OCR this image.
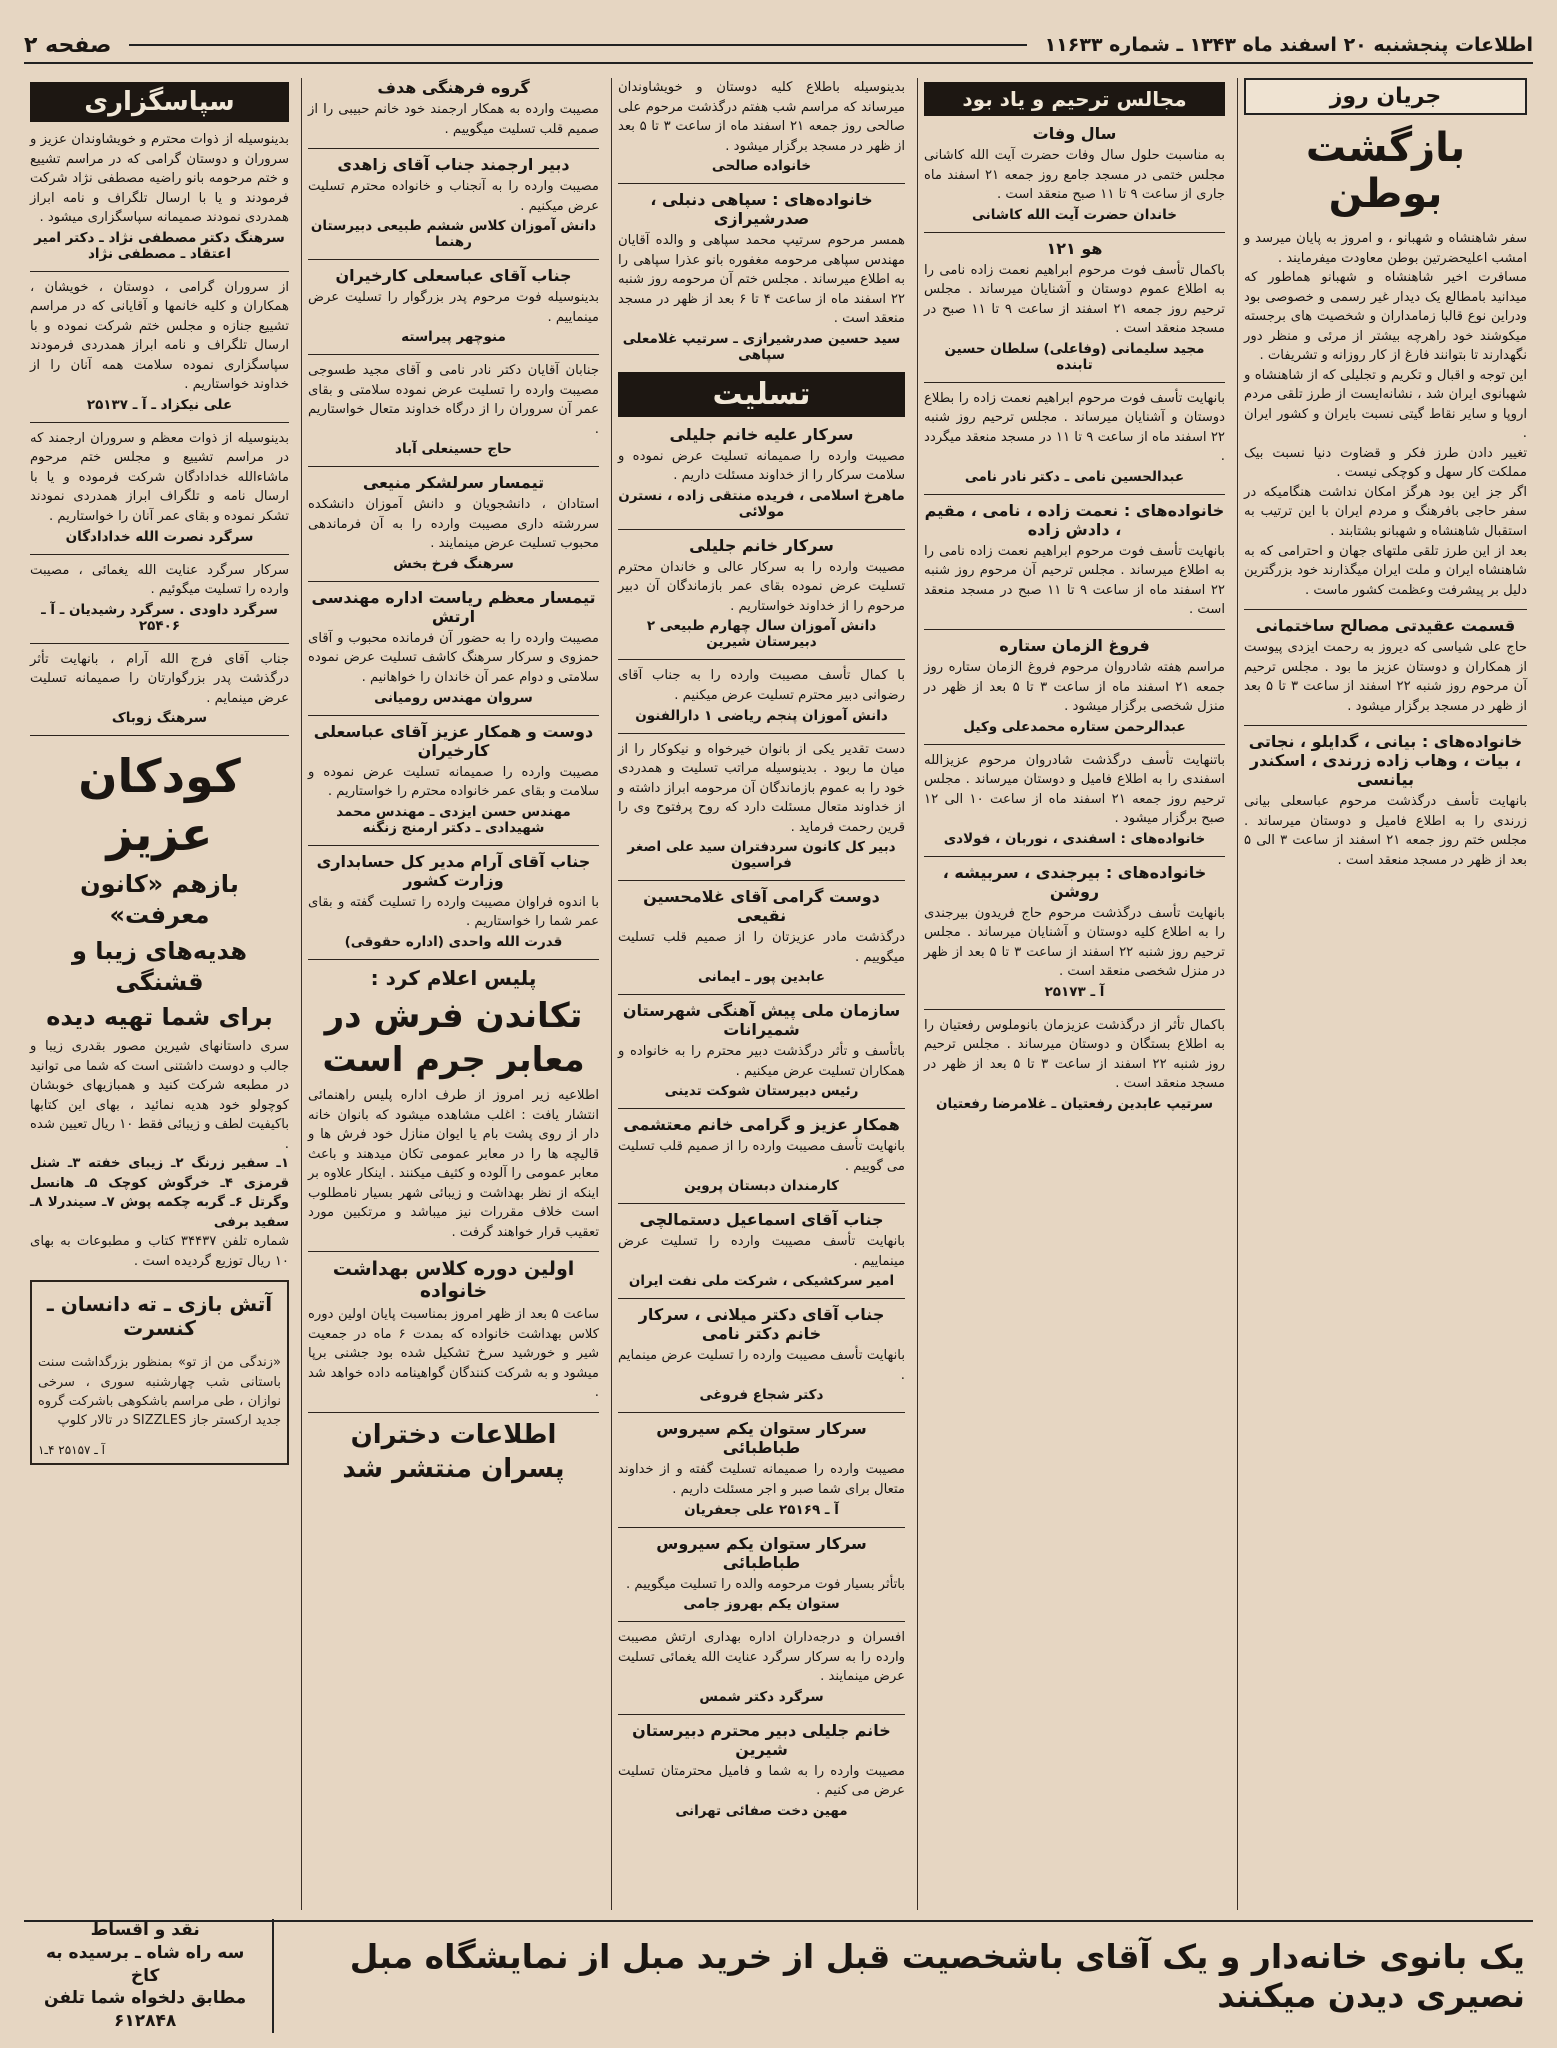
اطلاعات پنجشنبه ۲۰ اسفند ماه ۱۳۴۳ ـ شماره ۱۱۶۳۳
صفحه ۲
جریان روز
بازگشت بوطن

سفر شاهنشاه و شهبانو ، و امروز به پایان میرسد و امشب اعلیحضرتین بوطن معاودت میفرمایند .

مسافرت اخیر شاهنشاه و شهبانو هماطور که میدانید بامطالع یک دیدار غیر رسمی و خصوصی بود ودراین نوع قالبا زمامداران و شخصیت های برجسته میکوشند خود راهرچه بیشتر از مرئی و منظر دور نگهدارند تا بتوانند فارغ از کار روزانه و تشریفات .

این توجه و اقبال و تکریم و تجلیلی که از شاهنشاه و شهبانوی ایران شد ، نشانه‌ایست از طرز تلقی مردم اروپا و سایر نقاط گیتی نسبت بایران و کشور ایران .

تغییر دادن طرز فکر و قضاوت دنیا نسبت بیک مملکت کار سهل و کوچکی نیست .

اگر جز این بود هرگز امکان نداشت هنگامیکه در سفر حاجی بافرهنگ و مردم ایران با این ترتیب به استقبال شاهنشاه و شهبانو بشتابند .

بعد از این طرز تلقی ملتهای جهان و احترامی که به شاهنشاه ایران و ملت ایران میگذارند خود بزرگترین دلیل بر پیشرفت وعظمت کشور ماست .

قسمت عقیدتی مصالح ساختمانی

حاج علی شیاسی که دیروز به رحمت ایزدی پیوست از همکاران و دوستان عزیز ما بود . مجلس ترحیم آن مرحوم روز شنبه ۲۲ اسفند از ساعت ۳ تا ۵ بعد از ظهر در مسجد برگزار میشود .

خانواده‌های : بیانی ، گدایلو ، نجاتی ، بیات ، وهاب زاده زرندی ، اسکندر بیانسی

بانهایت تأسف درگذشت مرحوم عباسعلی بیانی زرندی را به اطلاع فامیل و دوستان میرساند . مجلس ختم روز جمعه ۲۱ اسفند از ساعت ۳ الی ۵ بعد از ظهر در مسجد منعقد است .

مجالس ترحیم و یاد بود
سال وفات

به مناسبت حلول سال وفات حضرت آیت الله کاشانی مجلس ختمی در مسجد جامع روز جمعه ۲۱ اسفند ماه جاری از ساعت ۹ تا ۱۱ صبح منعقد است .

خاندان حضرت آیت الله کاشانی
هو ۱۲۱

باکمال تأسف فوت مرحوم ابراهیم نعمت زاده نامی را به اطلاع عموم دوستان و آشنایان میرساند . مجلس ترحیم روز جمعه ۲۱ اسفند از ساعت ۹ تا ۱۱ صبح در مسجد منعقد است .

مجید سلیمانی (وفاعلی) سلطان حسین تابنده

بانهایت تأسف فوت مرحوم ابراهیم نعمت زاده را بطلاع دوستان و آشنایان میرساند . مجلس ترحیم روز شنبه ۲۲ اسفند ماه از ساعت ۹ تا ۱۱ در مسجد منعقد میگردد .

عبدالحسین نامی ـ دکتر نادر نامی
خانواده‌های : نعمت زاده ، نامی ، مقیم ، دادش زاده

بانهایت تأسف فوت مرحوم ابراهیم نعمت زاده نامی را به اطلاع میرساند . مجلس ترحیم آن مرحوم روز شنبه ۲۲ اسفند ماه از ساعت ۹ تا ۱۱ صبح در مسجد منعقد است .

فروغ الزمان ستاره

مراسم هفته شادروان مرحوم فروغ الزمان ستاره روز جمعه ۲۱ اسفند ماه از ساعت ۳ تا ۵ بعد از ظهر در منزل شخصی برگزار میشود .

عبدالرحمن ستاره محمدعلی وکیل

باتنهایت تأسف درگذشت شادروان مرحوم عزیزالله اسفندی را به اطلاع فامیل و دوستان میرساند . مجلس ترحیم روز جمعه ۲۱ اسفند ماه از ساعت ۱۰ الی ۱۲ صبح برگزار میشود .

خانواده‌های : اسفندی ، نوربان ، فولادی
خانواده‌های : بیرجندی ، سربیشه ، روشن

بانهایت تأسف درگذشت مرحوم حاج فریدون بیرجندی را به اطلاع کلیه دوستان و آشنایان میرساند . مجلس ترحیم روز شنبه ۲۲ اسفند از ساعت ۳ تا ۵ بعد از ظهر در منزل شخصی منعقد است .

آ ـ ۲۵۱۷۳

باکمال تأثر از درگذشت عزیزمان بانوملوس رفعتیان را به اطلاع بستگان و دوستان میرساند . مجلس ترحیم روز شنبه ۲۲ اسفند از ساعت ۳ تا ۵ بعد از ظهر در مسجد منعقد است .

سرتیپ عابدین رفعتیان ـ غلامرضا رفعتیان

بدینوسیله باطلاع کلیه دوستان و خویشاوندان میرساند که مراسم شب هفتم درگذشت مرحوم علی صالحی روز جمعه ۲۱ اسفند ماه از ساعت ۳ تا ۵ بعد از ظهر در مسجد برگزار میشود .

خانواده صالحی
خانواده‌های : سپاهی دنبلی ، صدرشیرازی

همسر مرحوم سرتیپ محمد سپاهی و والده آقایان مهندس سپاهی مرحومه مغفوره بانو عذرا سپاهی را به اطلاع میرساند . مجلس ختم آن مرحومه روز شنبه ۲۲ اسفند ماه از ساعت ۴ تا ۶ بعد از ظهر در مسجد منعقد است .

سید حسین صدرشیرازی ـ سرتیپ غلامعلی سپاهی
تسلیت
سرکار علیه خانم جلیلی

مصیبت وارده را صمیمانه تسلیت عرض نموده و سلامت سرکار را از خداوند مسئلت داریم .

ماهرخ اسلامی ، فریده منتقی زاده ، نسترن مولائی
سرکار خانم جلیلی

مصیبت وارده را به سرکار عالی و خاندان محترم تسلیت عرض نموده بقای عمر بازماندگان آن دبیر مرحوم را از خداوند خواستاریم .

دانش آموزان سال چهارم طبیعی ۲ دبیرستان شیرین

با کمال تأسف مصیبت وارده را به جناب آقای رضوانی دبیر محترم تسلیت عرض میکنیم .

دانش آموزان پنجم ریاضی ۱ دارالفنون

دست تقدیر یکی از بانوان خیرخواه و نیکوکار را از میان ما ربود . بدینوسیله مراتب تسلیت و همدردی خود را به عموم بازماندگان آن مرحومه ابراز داشته و از خداوند متعال مسئلت دارد که روح پرفتوح وی را قرین رحمت فرماید .

دبیر کل کانون سردفتران سید علی اصغر فراسیون
دوست گرامی آقای غلامحسین نقیعی

درگذشت مادر عزیزتان را از صمیم قلب تسلیت میگوییم .

عابدین پور ـ ایمانی
سازمان ملی پیش آهنگی شهرستان شمیرانات

باتأسف و تأثر درگذشت دبیر محترم را به خانواده و همکاران تسلیت عرض میکنیم .

رئیس دبیرستان شوکت تدینی
همکار عزیز و گرامی خانم معتشمی

بانهایت تأسف مصیبت وارده را از صمیم قلب تسلیت می گوییم .

کارمندان دبستان پروین
جناب آقای اسماعیل دستمالچی

بانهایت تأسف مصیبت وارده را تسلیت عرض مینماییم .

امیر سرکشیکی ، شرکت ملی نفت ایران
جناب آقای دکتر میلانی ، سرکار خانم دکتر نامی

بانهایت تأسف مصیبت وارده را تسلیت عرض مینمایم .

دکتر شجاع فروغی
سرکار ستوان یکم سیروس طباطبائی

مصیبت وارده را صمیمانه تسلیت گفته و از خداوند متعال برای شما صبر و اجر مسئلت داریم .

آ ـ ۲۵۱۶۹ علی جعفریان
سرکار ستوان یکم سیروس طباطبائی

باتأثر بسیار فوت مرحومه والده را تسلیت میگوییم .

ستوان یکم بهروز جامی

افسران و درجه‌داران اداره بهداری ارتش مصیبت وارده را به سرکار سرگرد عنایت الله یغمائی تسلیت عرض مینمایند .

سرگرد دکتر شمس
خانم جلیلی دبیر محترم دبیرستان شیرین

مصیبت وارده را به شما و فامیل محترمتان تسلیت عرض می کنیم .

مهین دخت صفائی تهرانی
گروه فرهنگی هدف

مصیبت وارده به همکار ارجمند خود خانم حبیبی را از صمیم قلب تسلیت میگوییم .

دبیر ارجمند جناب آقای زاهدی

مصیبت وارده را به آنجناب و خانواده محترم تسلیت عرض میکنیم .

دانش آموزان کلاس ششم طبیعی دبیرستان رهنما
جناب آقای عباسعلی کارخیران

بدینوسیله فوت مرحوم پدر بزرگوار را تسلیت عرض مینماییم .

منوچهر پیراسته

جنابان آقایان دکتر نادر نامی و آقای مجید طسوجی مصیبت وارده را تسلیت عرض نموده سلامتی و بقای عمر آن سروران را از درگاه خداوند متعال خواستاریم .

حاج حسینعلی آباد
تیمسار سرلشکر منیعی

استادان ، دانشجویان و دانش آموزان دانشکده سررشته داری مصیبت وارده را به آن فرماندهی محبوب تسلیت عرض مینمایند .

سرهنگ فرخ بخش
تیمسار معظم ریاست اداره مهندسی ارتش

مصیبت وارده را به حضور آن فرمانده محبوب و آقای حمزوی و سرکار سرهنگ کاشف تسلیت عرض نموده سلامتی و دوام عمر آن خاندان را خواهانیم .

سروان مهندس رومیانی
دوست و همکار عزیز آقای عباسعلی کارخیران

مصیبت وارده را صمیمانه تسلیت عرض نموده و سلامت و بقای عمر خانواده محترم را خواستاریم .

مهندس حسن ایزدی ـ مهندس محمد شهیدادی ـ دکتر ارمنج زنگنه
جناب آقای آرام مدیر کل حسابداری وزارت کشور

با اندوه فراوان مصیبت وارده را تسلیت گفته و بقای عمر شما را خواستاریم .

قدرت الله واحدی (اداره حقوقی)
پلیس اعلام کرد :
تکاندن فرش در معابر جرم است

اطلاعیه زیر امروز از طرف اداره پلیس راهنمائی انتشار یافت : اغلب مشاهده میشود که بانوان خانه دار از روی پشت بام یا ایوان منازل خود فرش ها و قالیچه ها را در معابر عمومی تکان میدهند و باعث معابر عمومی را آلوده و کثیف میکنند . اینکار علاوه بر اینکه از نظر بهداشت و زیبائی شهر بسیار نامطلوب است خلاف مقررات نیز میباشد و مرتکبین مورد تعقیب قرار خواهند گرفت .

اولین دوره کلاس بهداشت خانواده

ساعت ۵ بعد از ظهر امروز بمناسبت پایان اولین دوره کلاس بهداشت خانواده که بمدت ۶ ماه در جمعیت شیر و خورشید سرخ تشکیل شده بود جشنی برپا میشود و به شرکت کنندگان گواهینامه داده خواهد شد .

اطلاعات دختران پسران منتشر شد
سپاسگزاری

بدینوسیله از ذوات محترم و خویشاوندان عزیز و سروران و دوستان گرامی که در مراسم تشییع و ختم مرحومه بانو راضیه مصطفی نژاد شرکت فرمودند و یا با ارسال تلگراف و نامه ابراز همدردی نمودند صمیمانه سپاسگزاری میشود .

سرهنگ دکتر مصطفی نژاد ـ دکتر امیر اعتقاد ـ مصطفی نژاد

از سروران گرامی ، دوستان ، خویشان ، همکاران و کلیه خانمها و آقایانی که در مراسم تشییع جنازه و مجلس ختم شرکت نموده و با ارسال تلگراف و نامه ابراز همدردی فرمودند سپاسگزاری نموده سلامت همه آنان را از خداوند خواستاریم .

علی نیکزاد ـ آ ـ ۲۵۱۳۷

بدینوسیله از ذوات معظم و سروران ارجمند که در مراسم تشییع و مجلس ختم مرحوم ماشاءالله خدادادگان شرکت فرموده و یا با ارسال نامه و تلگراف ابراز همدردی نمودند تشکر نموده و بقای عمر آنان را خواستاریم .

سرگرد نصرت الله خدادادگان

سرکار سرگرد عنایت الله یغمائی ، مصیبت وارده را تسلیت میگوئیم .

سرگرد داودی . سرگرد رشیدیان ـ آ ـ ۲۵۴۰۶

جناب آقای فرج الله آرام ، بانهایت تأثر درگذشت پدر بزرگوارتان را صمیمانه تسلیت عرض مینمایم .

سرهنگ زوباک
کودکان عزیز
بازهم «کانون معرفت»
هدیه‌های زیبا و قشنگی
برای شما تهیه دیده

سری داستانهای شیرین مصور بقدری زیبا و جالب و دوست داشتنی است که شما می توانید در مطبعه شرکت کنید و همبازیهای خوبشان کوچولو خود هدیه نمائید ، بهای این کتابها باکیفیت لطف و زیبائی فقط ۱۰ ریال تعیین شده .

۱ـ سفیر زرنگ ۲ـ زیبای خفته ۳ـ شنل قرمزی ۴ـ خرگوش کوچک ۵ـ هانسل وگرتل ۶ـ گربه چکمه پوش ۷ـ سیندرلا ۸ـ سفید برفی

شماره تلفن ۳۴۴۳۷ کتاب و مطبوعات به بهای ۱۰ ریال توزیع گردیده است .

آتش بازی ـ ته دانسان ـ کنسرت

«زندگی من از تو» بمنظور بزرگداشت سنت باستانی شب چهارشنبه سوری ، سرخی نوازان ، طی مراسم باشکوهی باشرکت گروه جدید ارکستر جاز SIZZLES در تالار کلوپ

آ ـ ۲۵۱۵۷ ۴ـ۱
یک بانوی خانه‌دار و یک آقای باشخصیت قبل از خرید مبل از نمایشگاه مبل نصیری دیدن میکنند
نقد و اقساط
سه راه شاه ـ برسیده به کاخ
مطابق دلخواه شما تلفن ۶۱۲۸۴۸
